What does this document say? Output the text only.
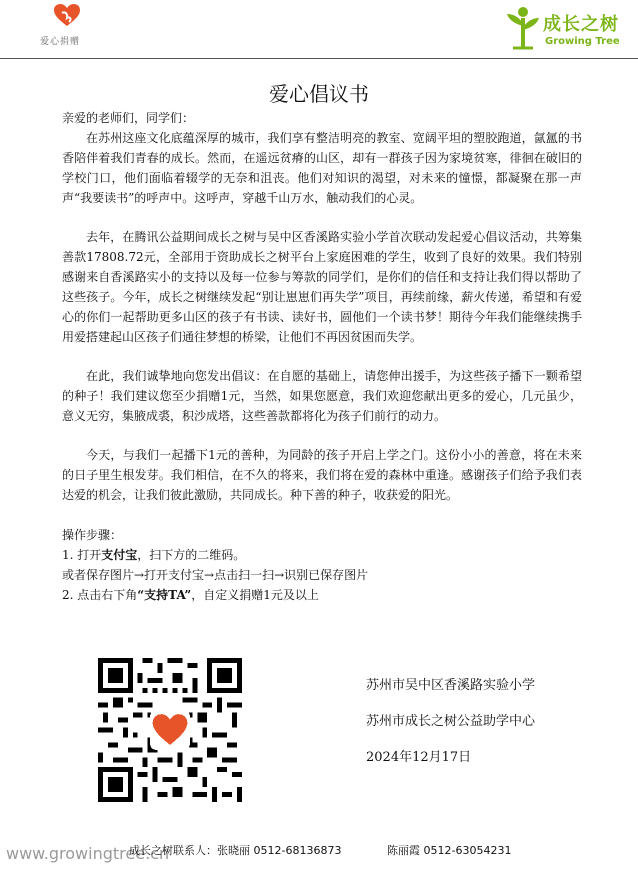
爱心捐赠
成长之树
Growing Tree
爱心倡议书

亲爱的老师们，同学们：

在苏州这座文化底蕴深厚的城市，我们享有整洁明亮的教室、宽阔平坦的塑胶跑道，氤氲的书香陪伴着我们青春的成长。然而，在遥远贫瘠的山区，却有一群孩子因为家境贫寒，徘徊在破旧的学校门口，他们面临着辍学的无奈和沮丧。他们对知识的渴望，对未来的憧憬，都凝聚在那一声声“我要读书”的呼声中。这呼声，穿越千山万水，触动我们的心灵。

去年，在腾讯公益期间成长之树与吴中区香溪路实验小学首次联动发起爱心倡议活动，共筹集善款17808.72元，全部用于资助成长之树平台上家庭困难的学生，收到了良好的效果。我们特别感谢来自香溪路实小的支持以及每一位参与筹款的同学们，是你们的信任和支持让我们得以帮助了这些孩子。今年，成长之树继续发起“别让崽崽们再失学”项目，再续前缘，薪火传递，希望和有爱心的你们一起帮助更多山区的孩子有书读、读好书，圆他们一个读书梦！期待今年我们能继续携手用爱搭建起山区孩子们通往梦想的桥梁，让他们不再因贫困而失学。

在此，我们诚挚地向您发出倡议：在自愿的基础上，请您伸出援手，为这些孩子播下一颗希望的种子！我们建议您至少捐赠1元，当然，如果您愿意，我们欢迎您献出更多的爱心，几元虽少，意义无穷，集腋成裘，积沙成塔，这些善款都将化为孩子们前行的动力。

今天，与我们一起播下1元的善种，为同龄的孩子开启上学之门。这份小小的善意，将在未来的日子里生根发芽。我们相信，在不久的将来，我们将在爱的森林中重逢。感谢孩子们给予我们表达爱的机会，让我们彼此激励，共同成长。种下善的种子，收获爱的阳光。

操作步骤：

1. 打开支付宝，扫下方的二维码。

或者保存图片→打开支付宝→点击扫一扫→识别已保存图片

2. 点击右下角“支持TA”，自定义捐赠1元及以上

苏州市吴中区香溪路实验小学

苏州市成长之树公益助学中心

2024年12月17日

www.growingtree.cn
成长之树联系人：张晓丽 0512-68136873	陈丽霞 0512-63054231
